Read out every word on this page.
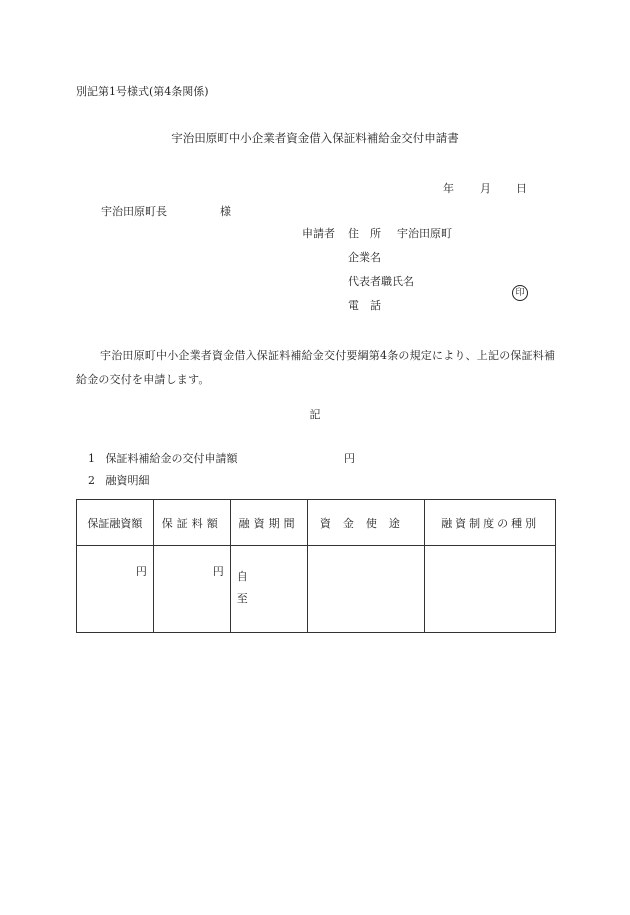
別記第1号様式(第4条関係)
宇治田原町中小企業者資金借入保証料補給金交付申請書
年 月 日
宇治田原町長	様
申請者 住　所 宇治田原町
企業名
代表者職氏名
電　話
印
宇治田原町中小企業者資金借入保証料補給金交付要綱第4条の規定により、上記の保証料補給金の交付を申請します。
記
1 保証料補給金の交付申請額	円
2 融資明細
保証融資額	保証料額	融資期間	資金使途	融資制度の種別
円	円	自
至		
